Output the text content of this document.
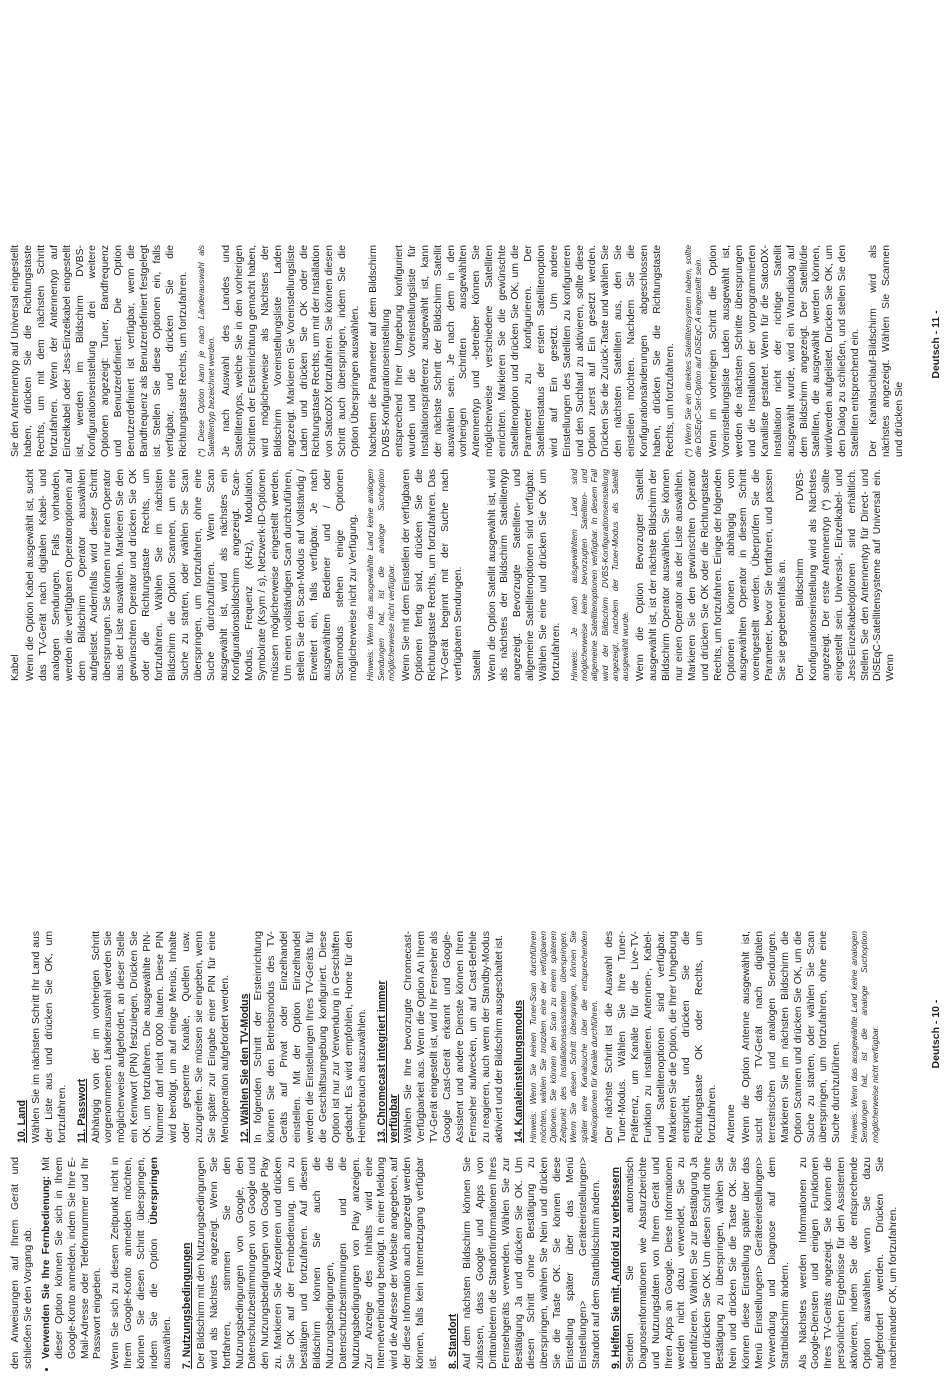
den Anweisungen auf Ihrem Gerät und schließen Sie den Vorgang ab.

• Verwenden Sie Ihre Fernbedienung: Mit dieser Option können Sie sich in Ihrem Google-Konto anmelden, indem Sie Ihre E-Mail-Adresse oder Telefonnummer und Ihr Passwort eingeben. Wenn Sie sich zu diesem Zeitpunkt nicht in Ihrem Google-Konto anmelden möchten, können Sie diesen Schritt überspringen, indem Sie die Option Überspringen auswählen. 7. Nutzungsbedingungen Der Bildschirm mit den Nutzungsbedingungen wird als Nächstes angezeigt. Wenn Sie fortfahren, stimmen Sie den Nutzungsbedingungen von Google, den Datenschutzbestimmungen von Google und den Nutzungsbedingungen von Google Play zu. Markieren Sie Akzeptieren und drücken Sie OK auf der Fernbedienung, um zu bestätigen und fortzufahren. Auf diesem Bildschirm können Sie auch die Nutzungsbedingungen, die Datenschutzbestimmungen und die Nutzungsbedingungen von Play anzeigen. Zur Anzeige des Inhalts wird eine Internetverbindung benötigt. In einer Meldung wird die Adresse der Website angegeben, auf der diese Information auch angezeigt werden können, falls kein Internetzugang verfügbar ist. 8. Standort Auf dem nächsten Bildschirm können Sie zulassen, dass Google und Apps von Drittanbietern die Standortinformationen Ihres Fernsehgeräts verwenden. Wählen Sie zur Bestätigung Ja und drücken Sie OK. Um diesen Schritt ohne Bestätigung zu überspringen, wählen Sie Nein und drücken Sie die Taste OK. Sie können diese Einstellung später über das Menü Einstellungen> Geräteeinstellungen> Standort auf dem Startbildschirm ändern. 9. Helfen Sie mit, Android zu verbessern Senden Sie automatisch Diagnoseinformationen wie Absturzberichte und Nutzungsdaten von Ihrem Gerät und Ihren Apps an Google. Diese Informationen werden nicht dazu verwendet, Sie zu identifizieren. Wählen Sie zur Bestätigung Ja und drücken Sie OK. Um diesen Schritt ohne Bestätigung zu überspringen, wählen Sie Nein und drücken Sie die Taste OK. Sie können diese Einstellung später über das Menü Einstellungen> Geräteeinstellungen> Verwendung und Diagnose auf dem Startbildschirm ändern. Als Nächstes werden Informationen zu Google-Diensten und einigen Funktionen Ihres TV-Geräts angezeigt. Sie können die persönlichen Ergebnisse für den Assistenten aktivieren, indem Sie die entsprechende Option auswählen, wenn Sie dazu aufgefordert werden. Drücken Sie nacheinander OK, um fortzufahren.

10. Land Wählen Sie im nächsten Schritt Ihr Land aus der Liste aus und drücken Sie OK, um fortzufahren. 11. Passwort Abhängig von der im vorherigen Schritt vorgenommenen Länderauswahl werden Sie möglicherweise aufgefordert, an dieser Stelle ein Kennwort (PIN) festzulegen. Drücken Sie OK, um fortzufahren. Die ausgewählte PIN-Nummer darf nicht 0000 lauten. Diese PIN wird benötigt, um auf einige Menüs, Inhalte oder gesperrte Kanäle, Quellen usw. zuzugreifen. Sie müssen sie eingeben, wenn Sie später zur Eingabe einer PIN für eine Menüoperation aufgefordert werden. 12. Wählen Sie den TV-Modus In folgenden Schritt der Ersteinrichtung können Sie den Betriebsmodus des TV-Geräts auf Privat oder Einzelhandel einstellen. Mit der Option Einzelhandel werden die Einstellungen Ihres TV-Geräts für die Geschäftsumgebung konfiguriert. Diese Option ist nur zur Verwendung in Geschäften gedacht. Es wird empfohlen, Home für den Heimgebrauch auszuwählen. 13. Chromecast integriert immer verfügbar Wählen Sie Ihre bevorzugte Chromecast-Verfügbarkeit aus. Wenn die Option An Ihrem TV-Gerät eingestellt ist, wird Ihr Fernseher als Google Cast-Gerät erkannt und Google-Assistent und andere Dienste können Ihren Fernseher aufwecken, um auf Cast-Befehle zu reagieren, auch wenn der Standby-Modus aktiviert und der Bildschirm ausgeschaltet ist. 14. Kanaleinstellungsmodus Hinweis: Wenn Sie keinen Tuner-Scan durchführen möchten, wählen Sie trotzdem eine der verfügbaren Optionen. Sie können den Scan zu einem späteren Zeitpunkt des Installationsassistenten überspringen. Wenn Sie diesen Schritt überspringen, können Sie später eine Kanalsuche über die entsprechenden Menüoptionen für Kanäle durchführen. Der nächste Schritt ist die Auswahl des Tuner-Modus. Wählen Sie Ihre Tuner-Präferenz, um Kanäle für die Live-TV-Funktion zu installieren. Antennen-, Kabel- und Satellitenoptionen sind verfügbar. Markieren Sie die Option, die Ihrer Umgebung entspricht, und drücken Sie die Richtungstaste OK oder Rechts, um fortzufahren. Antenne Wenn die Option Antenne ausgewählt ist, sucht das TV-Gerät nach digitalen terrestrischen und analogen Sendungen. Markieren Sie im nächsten Bildschirm die Option Scannen und drücken Sie OK, um die Suche zu starten, oder wählen Sie Scan überspringen, um fortzufahren, ohne eine Suche durchzuführen. Hinweis: Wenn das ausgewählte Land keine analogen Sendungen hat, ist die analoge Suchoption möglicherweise nicht verfügbar.	Deutsch - 10 -

Kabel Wenn die Option Kabel ausgewählt ist, sucht das TV-Gerät nach digitalen Kabel- und analogen Sendungen. Falls vorhanden, werden die verfügbaren Operatoroptionen auf dem Bildschirm Operator auswählen aufgelistet. Andernfalls wird dieser Schritt übersprungen. Sie können nur einen Operator aus der Liste auswählen. Markieren Sie den gewünschten Operator und drücken Sie OK oder die Richtungstaste Rechts, um fortzufahren. Wählen Sie im nächsten Bildschirm die Option Scannen, um eine Suche zu starten, oder wählen Sie Scan überspringen, um fortzufahren, ohne eine Suche durchzuführen. Wenn Scan ausgewählt ist, wird als nächstes ein Konfigurationsbildschirm angezeigt. Scan-Modus, Frequenz (KHz), Modulation, Symbolrate (Ksym / s), Netzwerk-ID-Optionen müssen möglicherweise eingestellt werden. Um einen vollständigen Scan durchzuführen, stellen Sie den Scan-Modus auf Vollständig / Erweitert ein, falls verfügbar. Je nach ausgewähltem Bediener und / oder Scanmodus stehen einige Optionen möglicherweise nicht zur Verfügung. Hinweis: Wenn das ausgewählte Land keine analogen Sendungen hat, ist die analoge Suchoption möglicherweise nicht verfügbar. Wenn Sie mit dem Einstellen der verfügbaren Optionen fertig sind, drücken Sie die Richtungstaste Rechts, um fortzufahren. Das TV-Gerät beginnt mit der Suche nach verfügbaren Sendungen. Satellit Wenn die Option Satellit ausgewählt ist, wird als nächstes der Bildschirm Satellitentyp angezeigt. Bevorzugte Satelliten- und allgemeine Satellitenoptionen sind verfügbar. Wählen Sie eine und drücken Sie OK um fortzufahren. Hinweis: Je nach ausgewähltem Land sind möglicherweise keine bevorzugten Satelliten- und allgemeine Satellitenoptionen verfügbar. In diesem Fall wird der Bildschirm DVBS-Konfigurationseinstellung angezeigt, nachdem der Tuner-Modus als Satellit ausgewählt wurde. Wenn die Option Bevorzugter Satellit ausgewählt ist, ist der nächste Bildschirm der Bildschirm Operator auswählen. Sie können nur einen Operator aus der Liste auswählen. Markieren Sie den gewünschten Operator und drücken Sie OK oder die Richtungstaste Rechts, um fortzufahren. Einige der folgenden Optionen können abhängig vom ausgewählten Operator in diesem Schritt voreingestellt werden. Überprüfen Sie die Parameter, bevor Sie fortfahren, und passen Sie sie gegebenenfalls an. Der Bildschirm DVBS-Konfigurationseinstellung wird als Nächstes angezeigt. Der erste Antennentyp (*) sollte eingestellt sein. Universal-, Einzelkabel- und Jess-Einzelkabeloptionen sind erhältlich. Stellen Sie den Antennentyp für Direct- und DiSEqC-Satellitensysteme auf Universal ein. Wenn

Sie den Antennentyp auf Universal eingestellt haben, drücken Sie die Richtungstaste Rechts, um mit dem nächsten Schritt fortzufahren. Wenn der Antennentyp auf Einzelkabel oder Jess-Einzelkabel eingestellt ist, werden im Bildschirm DVBS-Konfigurationseinstellung drei weitere Optionen angezeigt: Tuner, Bandfrequenz und Benutzerdefiniert. Die Option Benutzerdefiniert ist verfügbar, wenn die Bandfrequenz als Benutzerdefiniert festgelegt ist. Stellen Sie diese Optionen ein, falls verfügbar, und drücken Sie die Richtungstaste Rechts, um fortzufahren. (*) Diese Option kann je nach Länderauswahl als Satellitentyp bezeichnet werden. Je nach Auswahl des Landes und Satellitentyps, welche Sie in den vorherigen Schritten der Ersteinrichtung gemacht haben, wird möglicherweise als Nächstes der Bildschirm Voreinstellungsliste Laden angezeigt. Markieren Sie Voreinstellungsliste Laden und drücken Sie OK oder die Richtungstaste Rechts, um mit der Installation von SatcoDX fortzufahren. Sie können diesen Schritt auch überspringen, indem Sie die Option Überspringen auswählen. Nachdem die Parameter auf dem Bildschirm DVBS-Konfigurationseinstellung entsprechend Ihrer Umgebung konfiguriert wurden und die Voreinstellungsliste für Installationspräferenz ausgewählt ist, kann der nächste Schritt der Bildschirm Satellit auswählen sein. Je nach dem in den vorherigen Schritten ausgewählten Antennentyp und -betreiber können Sie möglicherweise verschiedene Satelliten einrichten. Markieren Sie die gewünschte Satellitenoption und drücken Sie OK, um die Parameter zu konfigurieren. Der Satellitenstatus der ersten Satellitenoption wird auf Ein gesetzt. Um andere Einstellungen des Satelliten zu konfigurieren und den Suchlauf zu aktivieren, sollte diese Option zuerst auf Ein gesetzt werden. Drücken Sie die Zurück-Taste und wählen Sie den nächsten Satelliten aus, den Sie einstellen möchten. Nachdem Sie die Konfigurationsänderungen abgeschlossen haben, drücken Sie die Richtungstaste Rechts, um fortzufahren. (*) Wenn Sie ein direktes Satellitensystem haben, sollte die DiSEqC-Set-Option auf DiSEqC A eingestellt sein. Wenn im vorherigen Schritt die Option Voreinstellungsliste Laden ausgewählt ist, werden die nächsten Schritte übersprungen und die Installation der vorprogrammierten Kanalliste gestartet. Wenn für die SatcoDX-Installation nicht der richtige Satellit ausgewählt wurde, wird ein Warndialog auf dem Bildschirm angezeigt. Der Satellit/die Satelliten, die ausgewählt werden können, wird/werden aufgelistet. Drücken Sie OK, um den Dialog zu schließen, und stellen Sie den Satelliten entsprechend ein. Der Kanalsuchlauf-Bildschirm wird als nächstes angezeigt. Wählen Sie Scannen und drücken Sie

Deutsch - 11 -
